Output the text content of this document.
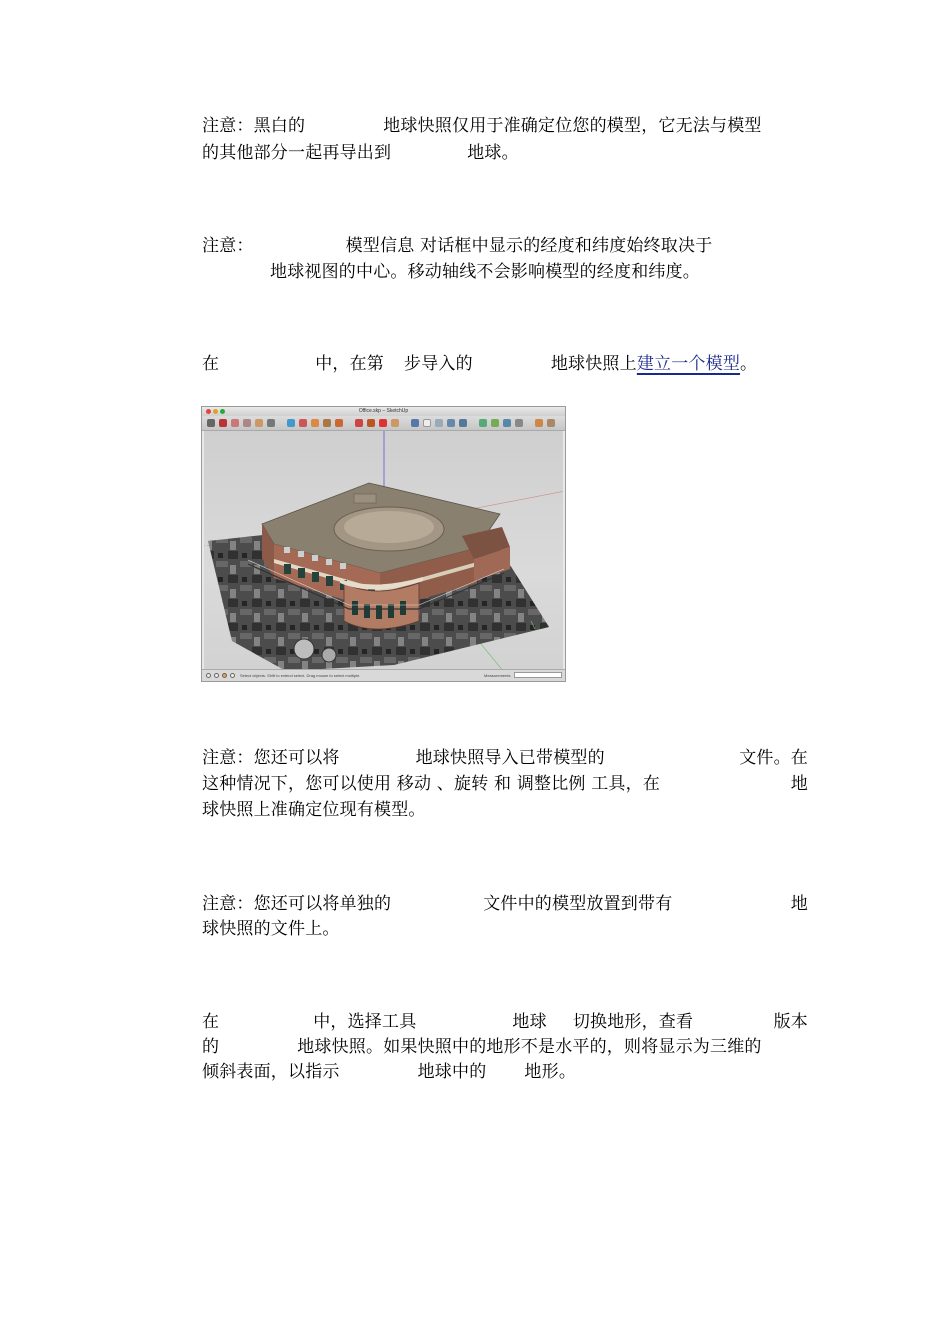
注意：黑白的	地球快照仅用于准确定位您的模型，它无法与模型
的其他部分一起再导出到	地球。
注意：	模型信息 对话框中显示的经度和纬度始终取决于
地球视图的中心。移动轴线不会影响模型的经度和纬度。
在	中，在第 步导入的	地球快照上建立一个模型。
Office.skp – SketchUp
Select objects. Shift to extend select. Drag mouse to select multiple.	Measurements
注意：您还可以将	地球快照导入已带模型的	文件。在
这种情况下，您可以使用 移动 、旋转 和 调整比例 工具，在	地
球快照上准确定位现有模型。
注意：您还可以将单独的	文件中的模型放置到带有	地
球快照的文件上。
在	中，选择工具	地球 切换地形，查看	版本
的	地球快照。如果快照中的地形不是水平的，则将显示为三维的
倾斜表面，以指示	地球中的 地形。
